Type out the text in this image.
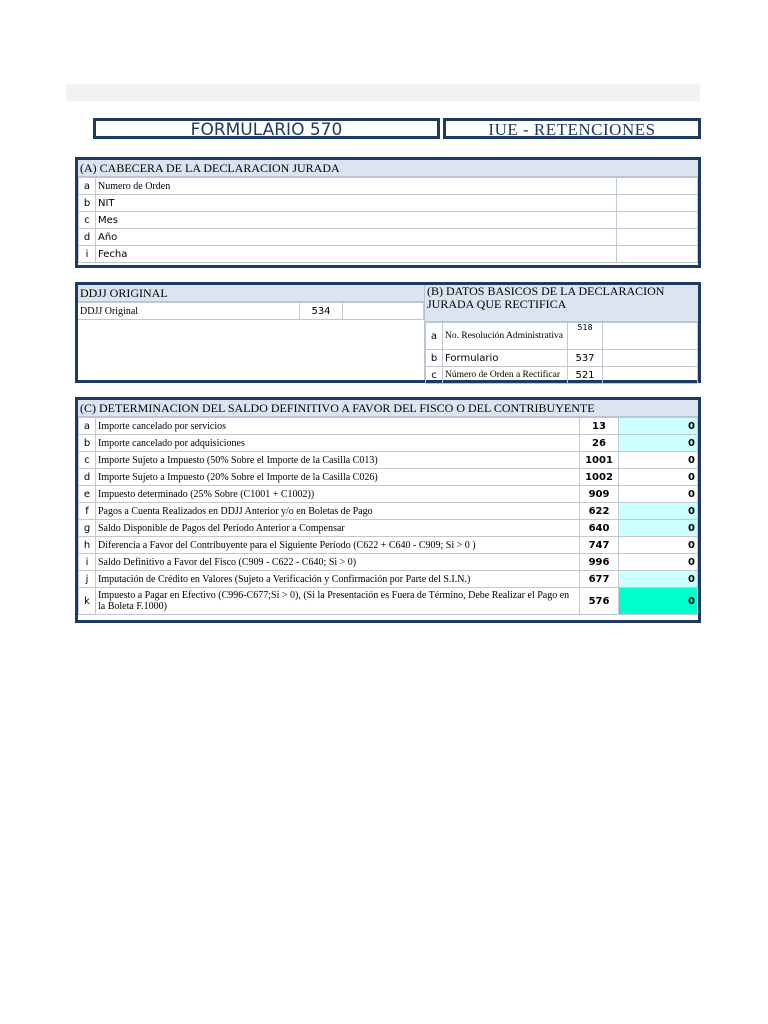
FORMULARIO 570	IUE - RETENCIONES
(A) CABECERA DE LA DECLARACION JURADA
a	Numero de Orden	
b	NIT	
c	Mes	
d	Año	
i	Fecha	
DDJJ ORIGINAL
DDJJ Original	534	
(B) DATOS BASICOS DE LA DECLARACION JURADA QUE RECTIFICA
a	No. Resolución Administrativa	518	
b	Formulario	537	
c	Número de Orden a Rectificar	521	
(C) DETERMINACION DEL SALDO DEFINITIVO A FAVOR DEL FISCO O DEL CONTRIBUYENTE
a	Importe cancelado por servicios	13	0
b	Importe cancelado por adquisiciones	26	0
c	Importe Sujeto a Impuesto (50% Sobre el Importe de la Casilla C013)	1001	0
d	Importe Sujeto a Impuesto (20% Sobre el Importe de la Casilla C026)	1002	0
e	Impuesto determinado (25% Sobre (C1001 + C1002))	909	0
f	Pagos a Cuenta Realizados en DDJJ Anterior y/o en Boletas de Pago	622	0
g	Saldo Disponible de Pagos del Período Anterior a Compensar	640	0
h	Diferencia a Favor del Contribuyente para el Siguiente Período (C622 + C640 - C909; Si > 0 )	747	0
i	Saldo Definitivo a Favor del Fisco (C909 - C622 - C640; Si > 0)	996	0
j	Imputación de Crédito en Valores (Sujeto a Verificación y Confirmación por Parte del S.I.N.)	677	0
k	Impuesto a Pagar en Efectivo (C996-C677;Si > 0), (Si la Presentación es Fuera de Término, Debe Realizar el Pago en la Boleta F.1000)	576	0
